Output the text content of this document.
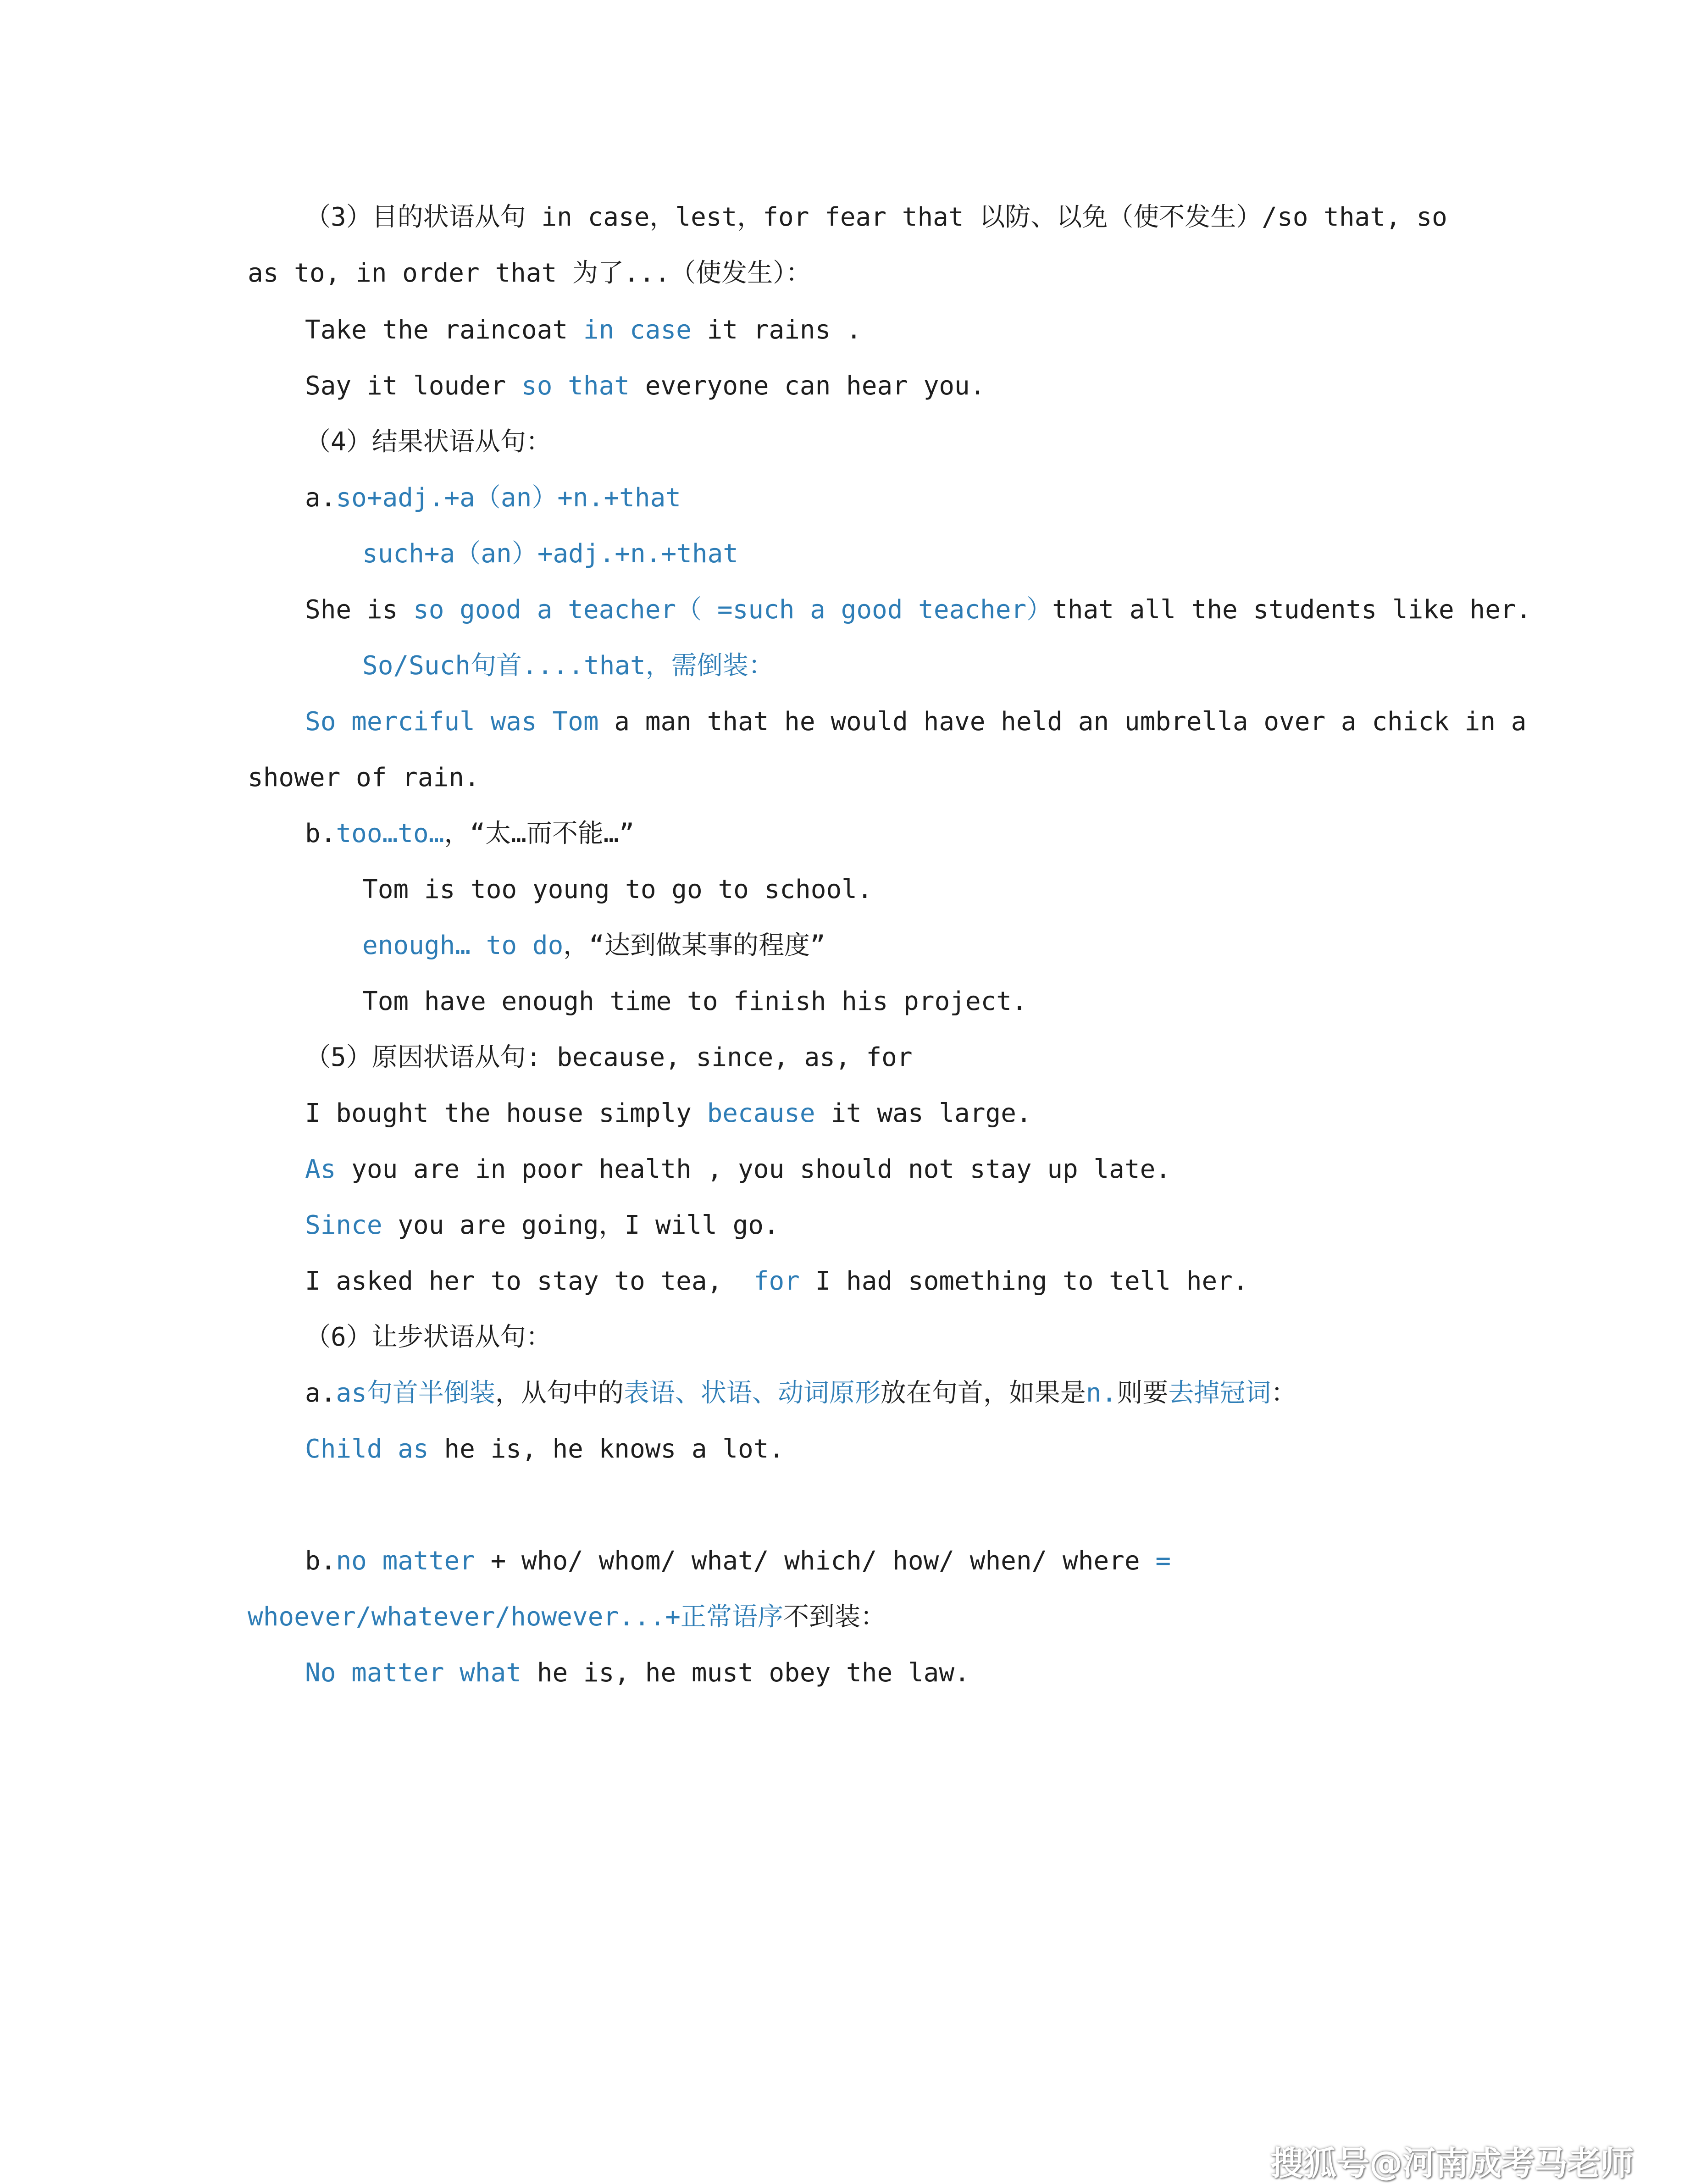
（3）目的状语从句 in case，lest，for fear that 以防、以免（使不发生）/so that, so
as to, in order that 为了...（使发生）：
Take the raincoat in case it rains .
Say it louder so that everyone can hear you.
（4）结果状语从句：
a.so+adj.+a（an）+n.+that
such+a（an）+adj.+n.+that
She is so good a teacher（ =such a good teacher）that all the students like her.
So/Such句首....that，需倒装：
So merciful was Tom a man that he would have held an umbrella over a chick in a
shower of rain.
b.too…to…，“太…而不能…”
Tom is too young to go to school.
enough… to do，“达到做某事的程度”
Tom have enough time to finish his project.
（5）原因状语从句: because, since, as, for
I bought the house simply because it was large.
As you are in poor health , you should not stay up late.
Since you are going，I will go.
I asked her to stay to tea,  for I had something to tell her.
（6）让步状语从句：
a.as句首半倒装，从句中的表语、状语、动词原形放在句首，如果是n.则要去掉冠词：
Child as he is, he knows a lot.
b.no matter + who/ whom/ what/ which/ how/ when/ where =
whoever/whatever/however...+正常语序不到装：
No matter what he is, he must obey the law.
搜狐号@河南成考马老师
